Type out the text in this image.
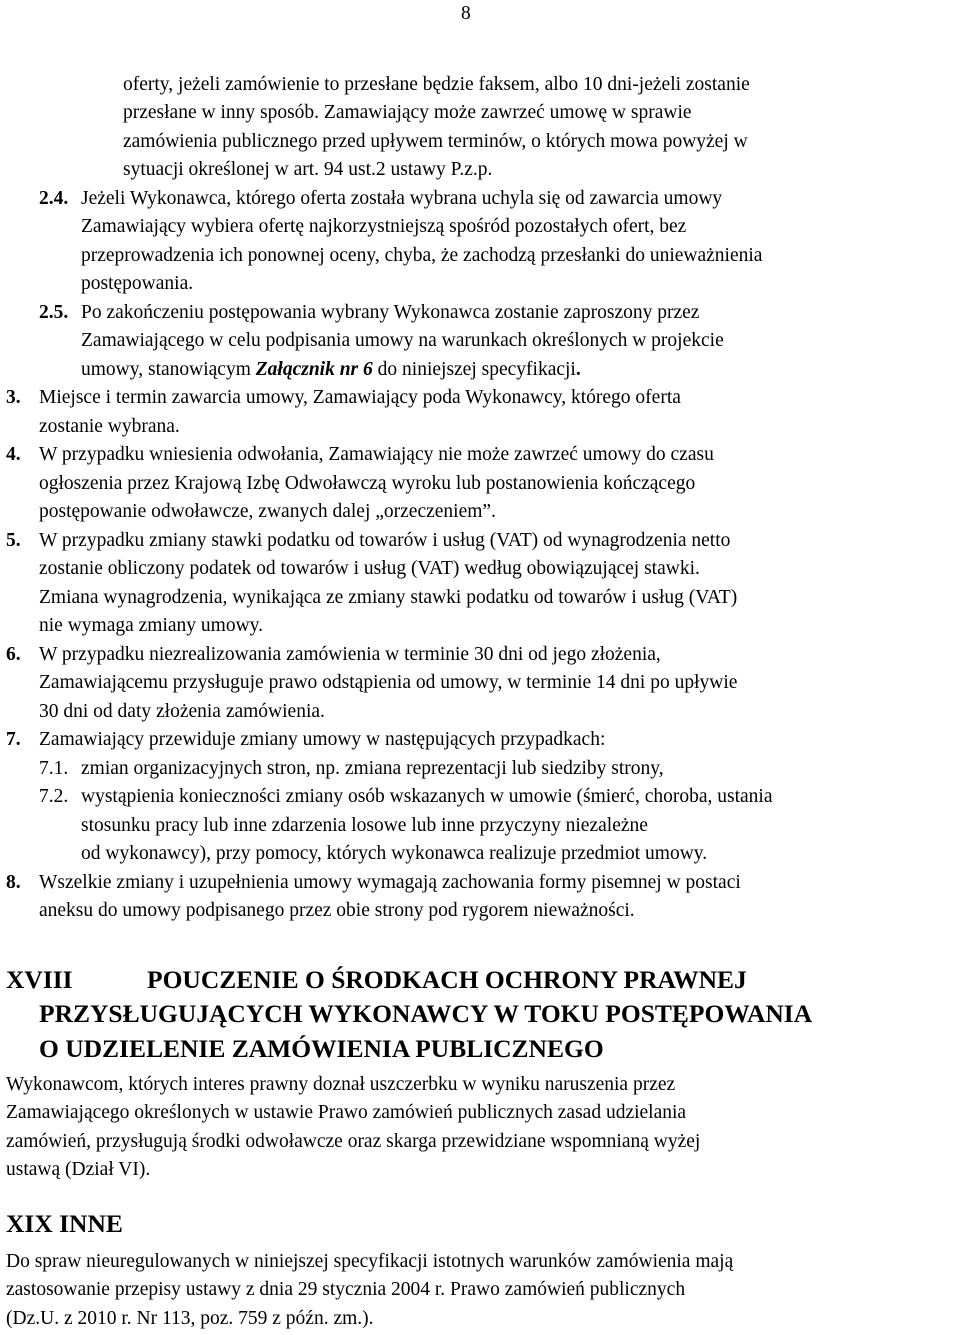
8
oferty, jeżeli zamówienie to przesłane będzie faksem, albo 10 dni-jeżeli zostanie
przesłane w inny sposób. Zamawiający może zawrzeć umowę w sprawie
zamówienia publicznego przed upływem terminów, o których mowa powyżej w
sytuacji określonej w art. 94 ust.2 ustawy P.z.p.
2.4. Jeżeli Wykonawca, którego oferta została wybrana uchyla się od zawarcia umowy
Zamawiający wybiera ofertę najkorzystniejszą spośród pozostałych ofert, bez
przeprowadzenia ich ponownej oceny, chyba, że zachodzą przesłanki do unieważnienia
postępowania.
2.5. Po zakończeniu postępowania wybrany Wykonawca zostanie zaproszony przez
Zamawiającego w celu podpisania umowy na warunkach określonych w projekcie
umowy, stanowiącym Załącznik nr 6 do niniejszej specyfikacji.
3. Miejsce i termin zawarcia umowy, Zamawiający poda Wykonawcy, którego oferta
zostanie wybrana.
4. W przypadku wniesienia odwołania, Zamawiający nie może zawrzeć umowy do czasu
ogłoszenia przez Krajową Izbę Odwoławczą wyroku lub postanowienia kończącego
postępowanie odwoławcze, zwanych dalej „orzeczeniem”.
5. W przypadku zmiany stawki podatku od towarów i usług (VAT) od wynagrodzenia netto
zostanie obliczony podatek od towarów i usług (VAT) według obowiązującej stawki.
Zmiana wynagrodzenia, wynikająca ze zmiany stawki podatku od towarów i usług (VAT)
nie wymaga zmiany umowy.
6. W przypadku niezrealizowania zamówienia w terminie 30 dni od jego złożenia,
Zamawiającemu przysługuje prawo odstąpienia od umowy, w terminie 14 dni po upływie
30 dni od daty złożenia zamówienia.
7. Zamawiający przewiduje zmiany umowy w następujących przypadkach:
7.1. zmian organizacyjnych stron, np. zmiana reprezentacji lub siedziby strony,
7.2. wystąpienia konieczności zmiany osób wskazanych w umowie (śmierć, choroba, ustania
stosunku pracy lub inne zdarzenia losowe lub inne przyczyny niezależne
od wykonawcy), przy pomocy, których wykonawca realizuje przedmiot umowy.
8. Wszelkie zmiany i uzupełnienia umowy wymagają zachowania formy pisemnej w postaci
aneksu do umowy podpisanego przez obie strony pod rygorem nieważności.
XVIII	POUCZENIE O ŚRODKACH OCHRONY PRAWNEJ
PRZYSŁUGUJĄCYCH WYKONAWCY W TOKU POSTĘPOWANIA
O UDZIELENIE ZAMÓWIENIA PUBLICZNEGO
Wykonawcom, których interes prawny doznał uszczerbku w wyniku naruszenia przez
Zamawiającego określonych w ustawie Prawo zamówień publicznych zasad udzielania
zamówień, przysługują środki odwoławcze oraz skarga przewidziane wspomnianą wyżej
ustawą (Dział VI).
XIX INNE
Do spraw nieuregulowanych w niniejszej specyfikacji istotnych warunków zamówienia mają
zastosowanie przepisy ustawy z dnia 29 stycznia 2004 r. Prawo zamówień publicznych
(Dz.U. z 2010 r. Nr 113, poz. 759 z późn. zm.).
